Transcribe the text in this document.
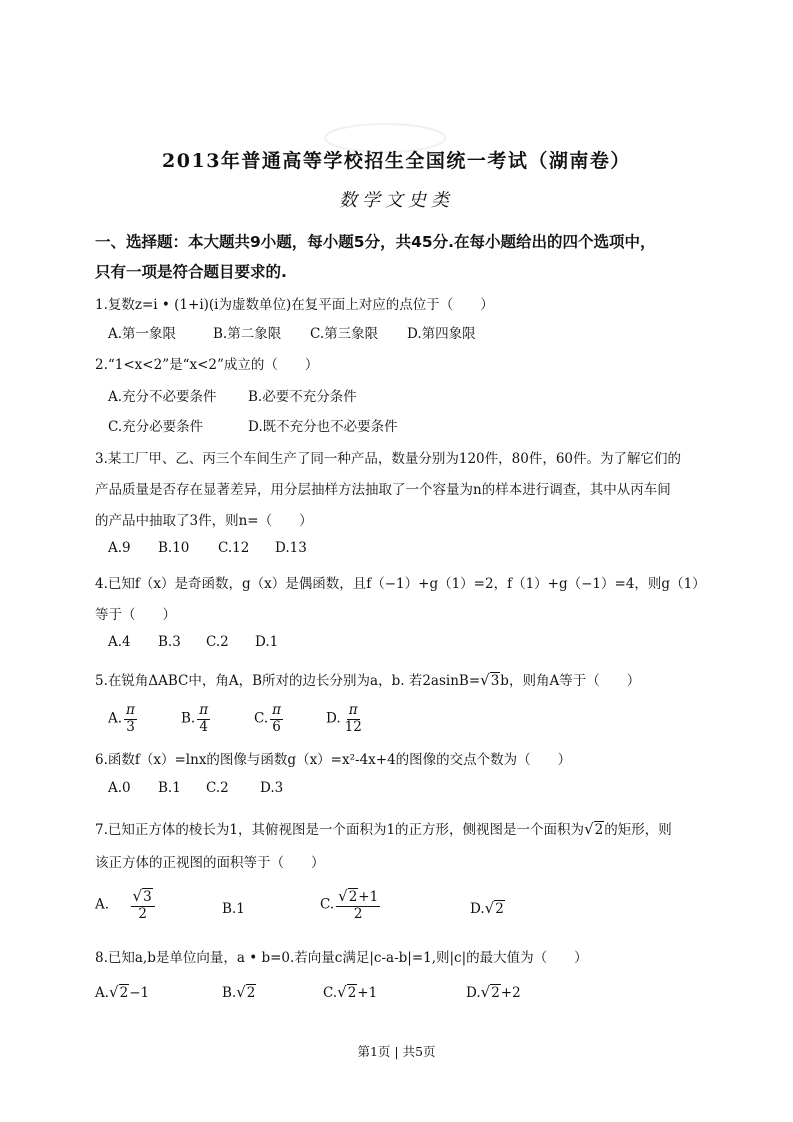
2013年普通高等学校招生全国统一考试（湖南卷）
数学文史类
一、选择题：本大题共9小题，每小题5分，共45分.在每小题给出的四个选项中，
只有一项是符合题目要求的.
1.复数z=i • (1+i)(i为虚数单位)在复平面上对应的点位于（　　）
A.第一象限	B.第二象限 C.第三象限 D.第四象限
2.“1<x<2”是“x<2”成立的（　　）
A.充分不必要条件 B.必要不充分条件
C.充分必要条件	D.既不充分也不必要条件
3.某工厂甲、乙、丙三个车间生产了同一种产品，数量分别为120件，80件，60件。为了解它们的
产品质量是否存在显著差异，用分层抽样方法抽取了一个容量为n的样本进行调查，其中从丙车间
的产品中抽取了3件，则n=（　　）
A.9 B.10 C.12 D.13
4.已知f（x）是奇函数，g（x）是偶函数，且f（−1）+g（1）=2，f（1）+g（−1）=4，则g（1）
等于（　　）
A.4 B.3 C.2 D.1
5.在锐角ΔABC中，角A，B所对的边长分别为a，b. 若2asinB=√3b，则角A等于（　　）
A. $\frac{\pi}{3}$	B. $\frac{\pi}{4}$	C. $\frac{\pi}{6}$	D. $\frac{\pi}{12}$
6.函数f（x）=lnx的图像与函数g（x）=x²-4x+4的图像的交点个数为（　　）
A.0 B.1 C.2 D.3
7.已知正方体的棱长为1，其俯视图是一个面积为1的正方形，侧视图是一个面积为√2的矩形，则
该正方体的正视图的面积等于（　　）
A． $\frac{√3}{2}$	B.1	C. $\frac{√2+1}{2}$	D.√2
8.已知a,b是单位向量，a • b=0.若向量c满足|c-a-b|=1,则|c|的最大值为（　　）
A.√2−1	B.√2	C.√2+1	D.√2+2
第1页 | 共5页
